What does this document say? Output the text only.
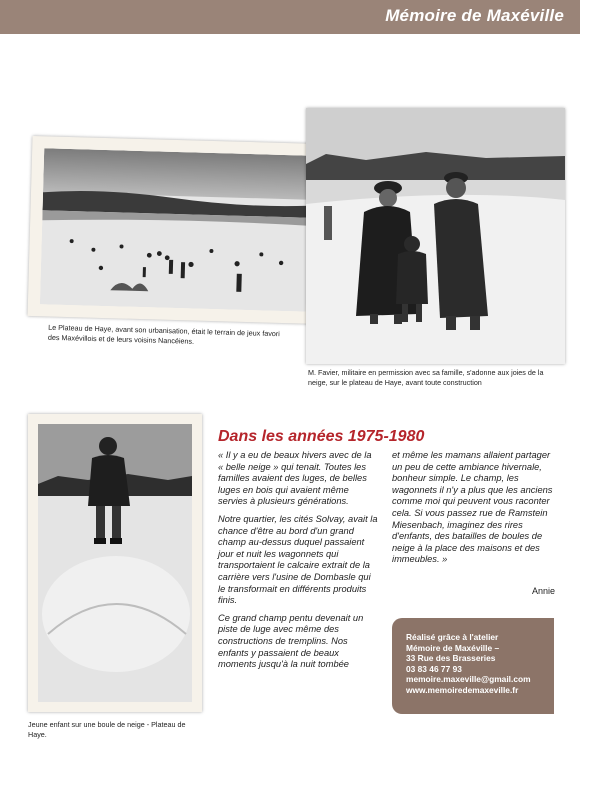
Mémoire de Maxéville
Le Plateau de Haye, avant son urbanisation, était le terrain de jeux favori des Maxévillois et de leurs voisins Nancéiens.
M. Favier, militaire en permission avec sa famille, s'adonne aux joies de la neige, sur le plateau de Haye, avant toute construction
Jeune enfant sur une boule de neige - Plateau de Haye.
Dans les années 1975-1980

« Il y a eu de beaux hivers avec de la « belle neige » qui tenait. Toutes les familles avaient des luges, de belles luges en bois qui avaient même servies à plusieurs générations.

Notre quartier, les cités Solvay, avait la chance d'être au bord d'un grand champ au-dessus duquel passaient jour et nuit les wagonnets qui transportaient le calcaire extrait de la carrière vers l'usine de Dombasle qui le transformait en différents produits finis.

Ce grand champ pentu devenait un piste de luge avec même des constructions de tremplins. Nos enfants y passaient de beaux moments jusqu'à la nuit tombée

et même les mamans allaient partager un peu de cette ambiance hivernale, bonheur simple. Le champ, les wagonnets il n'y a plus que les anciens comme moi qui peuvent vous raconter cela. Si vous passez rue de Ramstein Miesenbach, imaginez des rires d'enfants, des batailles de boules de neige à la place des maisons et des immeubles. »

Annie
Réalisé grâce à l'atelier
Mémoire de Maxéville –
33 Rue des Brasseries
03 83 46 77 93
memoire.maxeville@gmail.com
www.memoiredemaxeville.fr
